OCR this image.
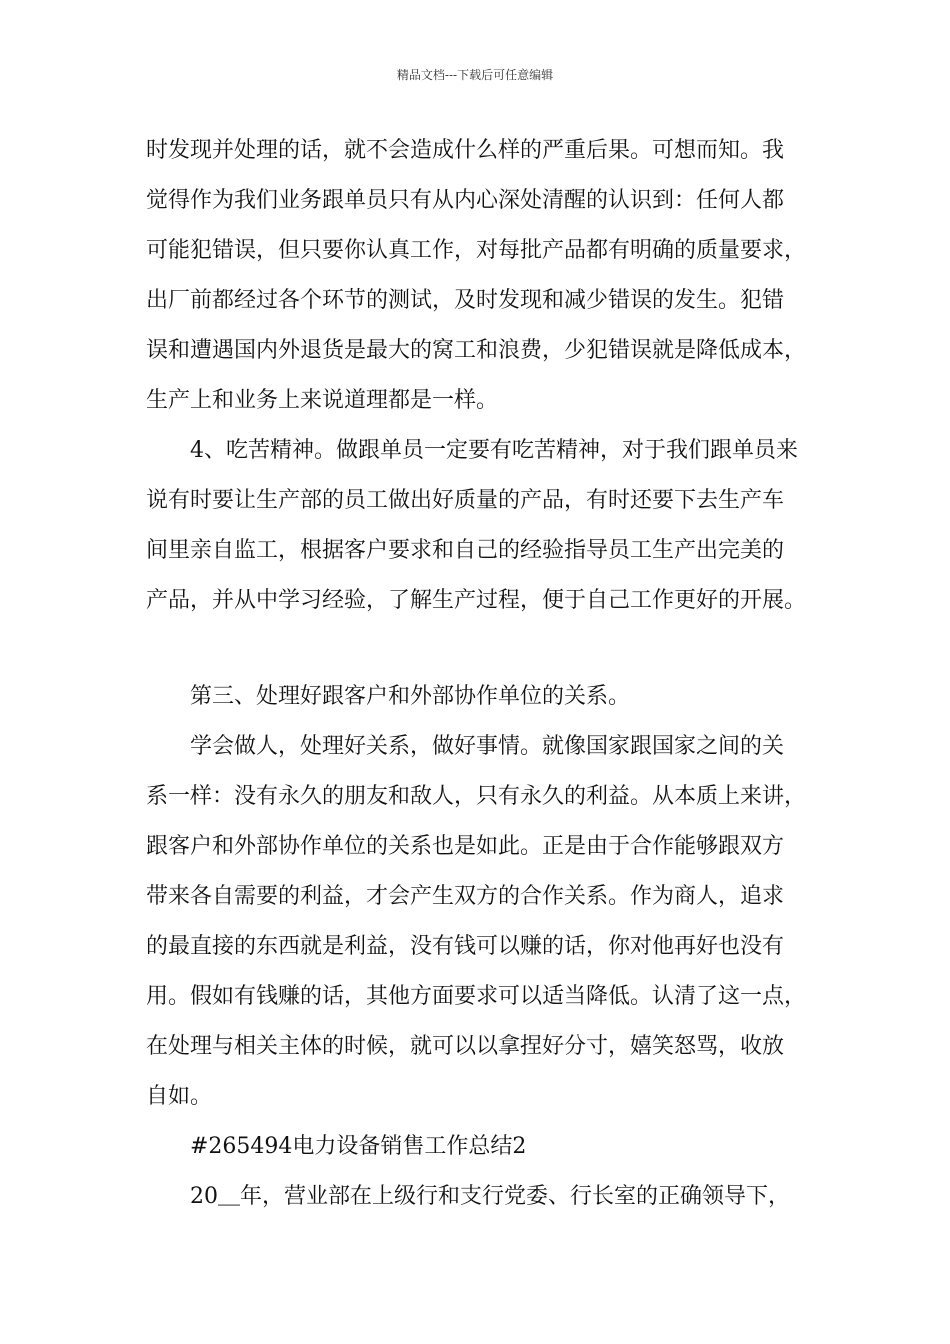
精品文档---下载后可任意编辑
时发现并处理的话，就不会造成什么样的严重后果。可想而知。我
觉得作为我们业务跟单员只有从内心深处清醒的认识到：任何人都
可能犯错误，但只要你认真工作，对每批产品都有明确的质量要求，
出厂前都经过各个环节的测试，及时发现和减少错误的发生。犯错
误和遭遇国内外退货是最大的窝工和浪费，少犯错误就是降低成本，
生产上和业务上来说道理都是一样。
4、吃苦精神。做跟单员一定要有吃苦精神，对于我们跟单员来
说有时要让生产部的员工做出好质量的产品，有时还要下去生产车
间里亲自监工，根据客户要求和自己的经验指导员工生产出完美的
产品，并从中学习经验，了解生产过程，便于自己工作更好的开展。
第三、处理好跟客户和外部协作单位的关系。
学会做人，处理好关系，做好事情。就像国家跟国家之间的关
系一样：没有永久的朋友和敌人，只有永久的利益。从本质上来讲，
跟客户和外部协作单位的关系也是如此。正是由于合作能够跟双方
带来各自需要的利益，才会产生双方的合作关系。作为商人，追求
的最直接的东西就是利益，没有钱可以赚的话，你对他再好也没有
用。假如有钱赚的话，其他方面要求可以适当降低。认清了这一点，
在处理与相关主体的时候，就可以以拿捏好分寸，嬉笑怒骂，收放
自如。
#265494电力设备销售工作总结2
20＿年，营业部在上级行和支行党委、行长室的正确领导下，
